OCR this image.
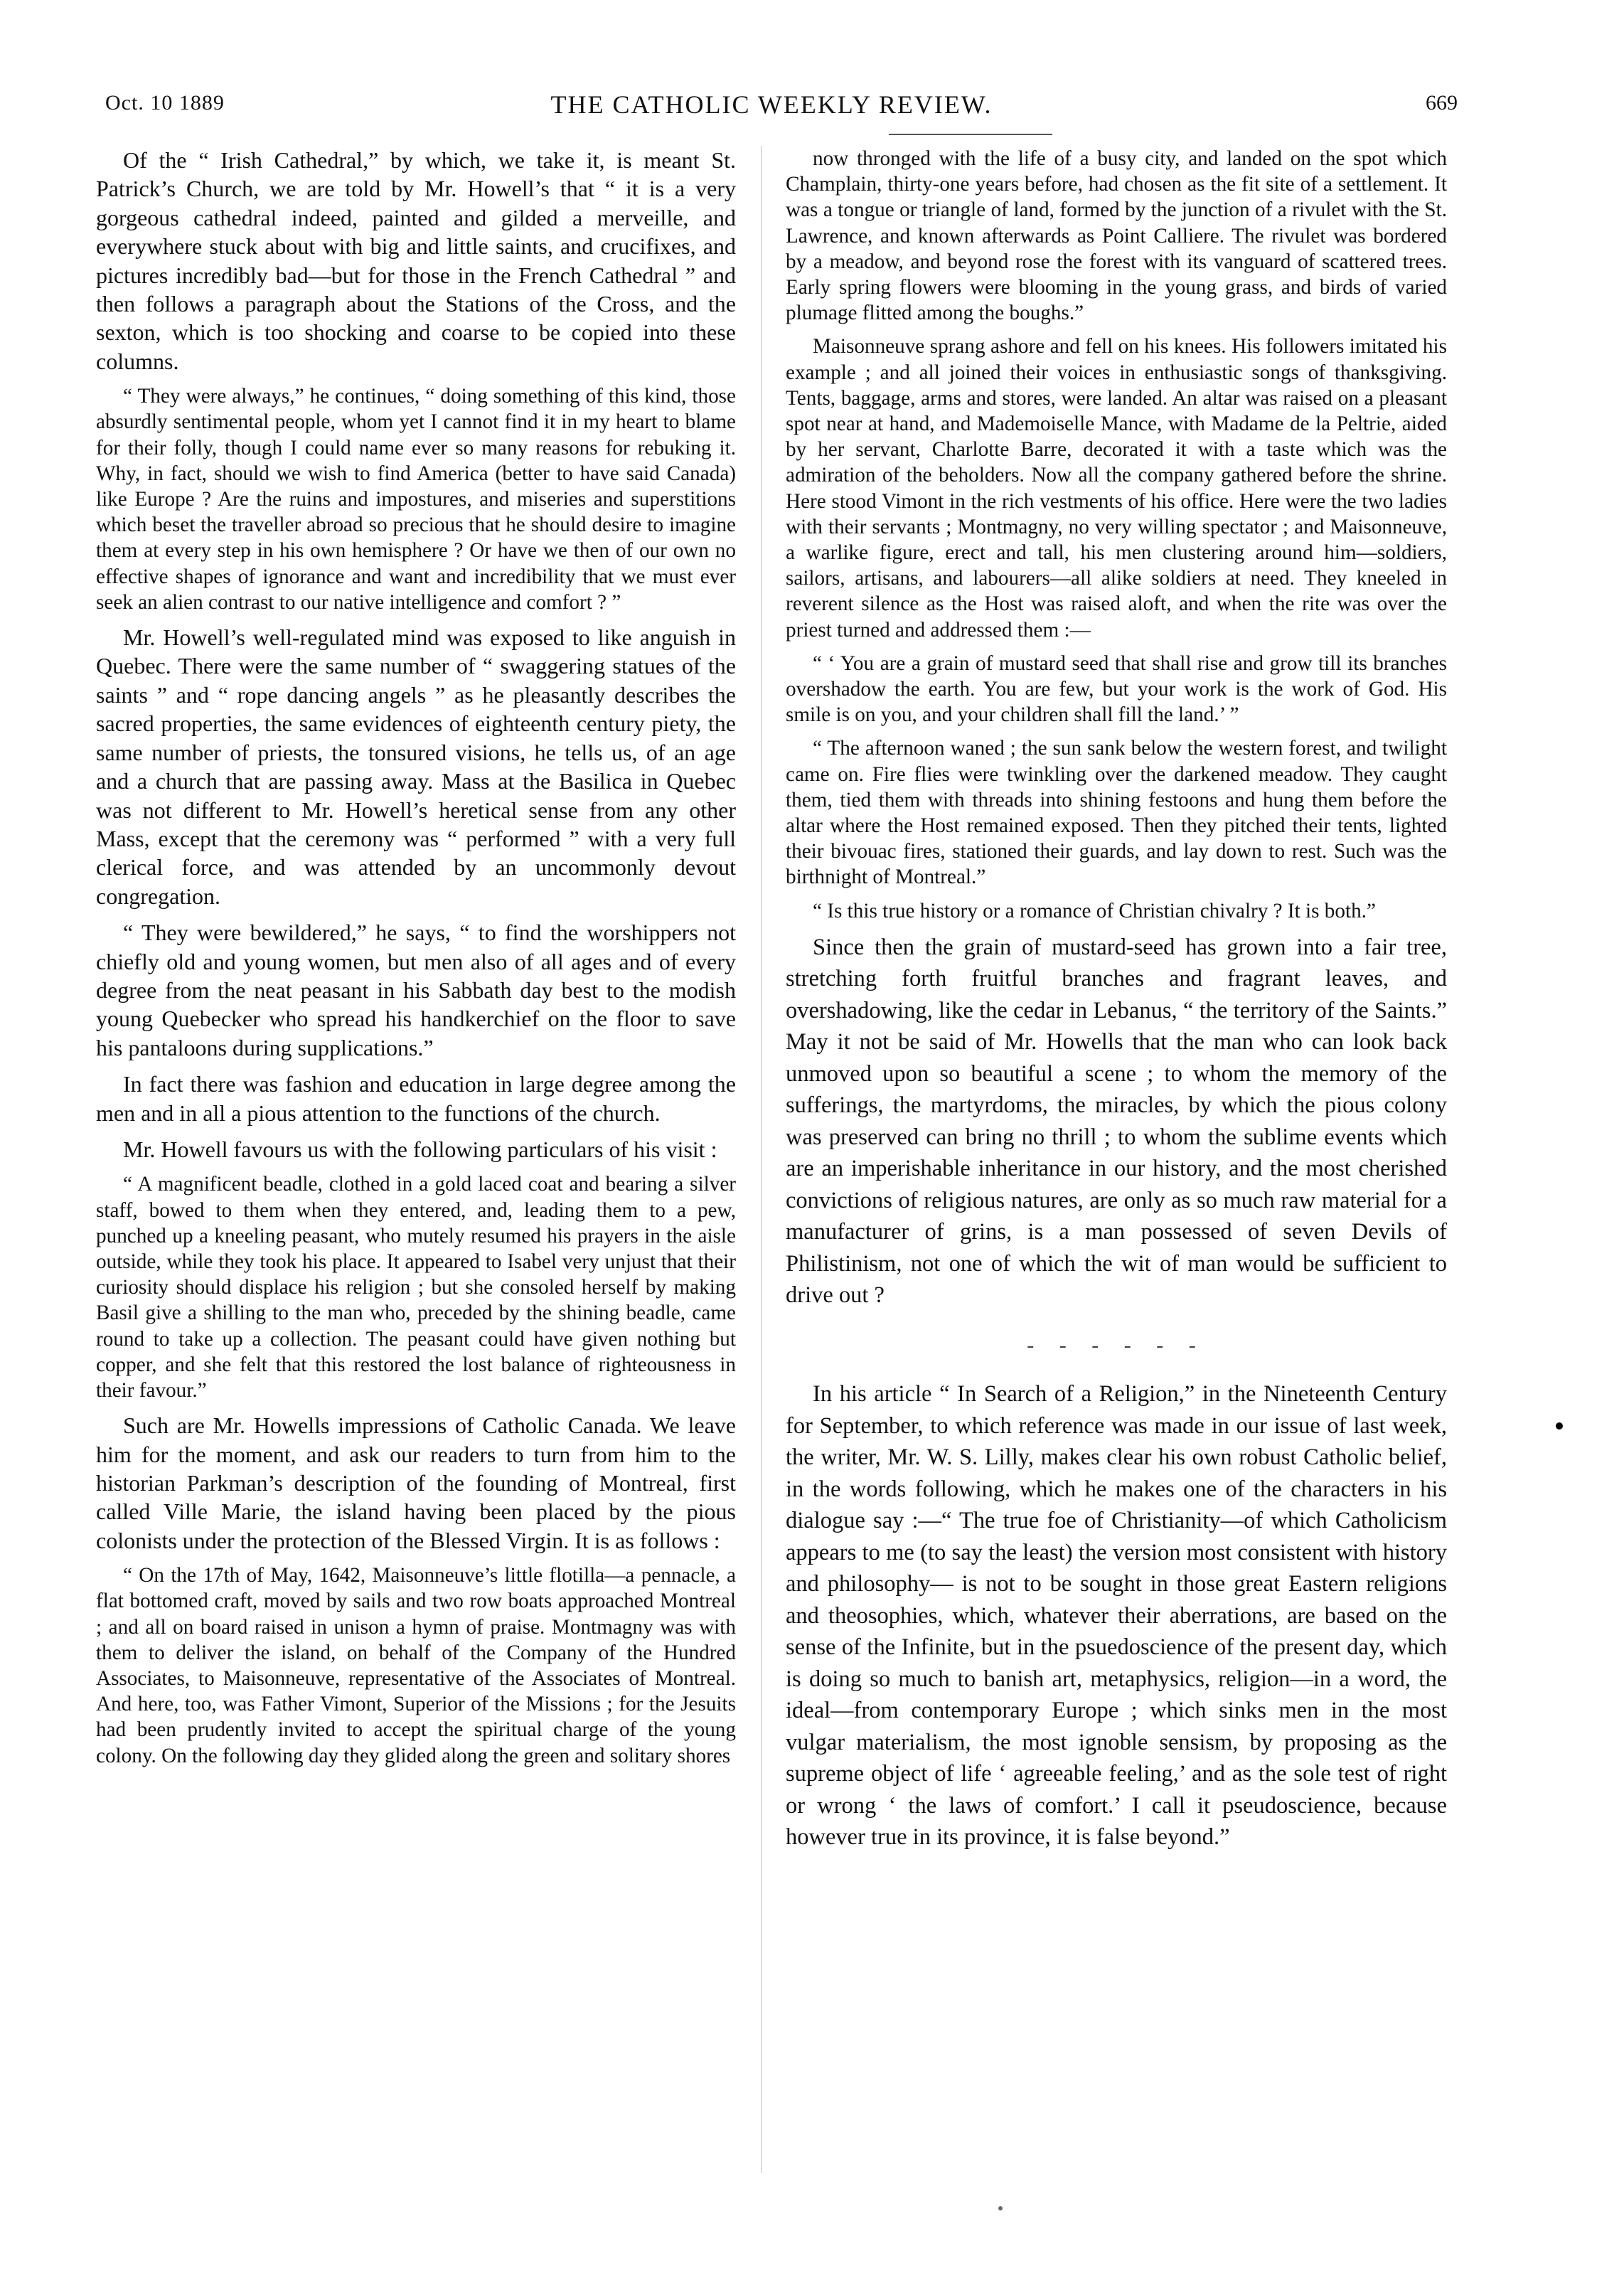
Oct. 10 1889	THE CATHOLIC WEEKLY REVIEW.	669

Of the “ Irish Cathedral,” by which, we take it, is meant St. Patrick’s Church, we are told by Mr. Howell’s that “ it is a very gorgeous cathedral indeed, painted and gilded a merveille, and everywhere stuck about with big and little saints, and crucifixes, and pictures incredibly bad—but for those in the French Cathedral ” and then follows a paragraph about the Stations of the Cross, and the sexton, which is too shocking and coarse to be copied into these columns.

“ They were always,” he continues, “ doing something of this kind, those absurdly sentimental people, whom yet I cannot find it in my heart to blame for their folly, though I could name ever so many reasons for rebuking it. Why, in fact, should we wish to find America (better to have said Canada) like Europe ? Are the ruins and impostures, and miseries and superstitions which beset the traveller abroad so precious that he should desire to imagine them at every step in his own hemisphere ? Or have we then of our own no effective shapes of ignorance and want and incredibility that we must ever seek an alien contrast to our native intelligence and comfort ? ”

Mr. Howell’s well-regulated mind was exposed to like anguish in Quebec. There were the same number of “ swaggering statues of the saints ” and “ rope dancing angels ” as he pleasantly describes the sacred properties, the same evidences of eighteenth century piety, the same number of priests, the tonsured visions, he tells us, of an age and a church that are passing away. Mass at the Basilica in Quebec was not different to Mr. Howell’s heretical sense from any other Mass, except that the ceremony was “ performed ” with a very full clerical force, and was attended by an uncommonly devout congregation.

“ They were bewildered,” he says, “ to find the worshippers not chiefly old and young women, but men also of all ages and of every degree from the neat peasant in his Sabbath day best to the modish young Quebecker who spread his handkerchief on the floor to save his pantaloons during supplications.”

In fact there was fashion and education in large degree among the men and in all a pious attention to the functions of the church.

Mr. Howell favours us with the following particulars of his visit :

“ A magnificent beadle, clothed in a gold laced coat and bearing a silver staff, bowed to them when they entered, and, leading them to a pew, punched up a kneeling peasant, who mutely resumed his prayers in the aisle outside, while they took his place. It appeared to Isabel very unjust that their curiosity should displace his religion ; but she consoled herself by making Basil give a shilling to the man who, preceded by the shining beadle, came round to take up a collection. The peasant could have given nothing but copper, and she felt that this restored the lost balance of righteousness in their favour.”

Such are Mr. Howells impressions of Catholic Canada. We leave him for the moment, and ask our readers to turn from him to the historian Parkman’s description of the founding of Montreal, first called Ville Marie, the island having been placed by the pious colonists under the protection of the Blessed Virgin. It is as follows :

“ On the 17th of May, 1642, Maisonneuve’s little flotilla—a pennacle, a flat bottomed craft, moved by sails and two row boats approached Montreal ; and all on board raised in unison a hymn of praise. Montmagny was with them to deliver the island, on behalf of the Company of the Hundred Associates, to Maisonneuve, representative of the Associates of Montreal. And here, too, was Father Vimont, Superior of the Missions ; for the Jesuits had been prudently invited to accept the spiritual charge of the young colony. On the following day they glided along the green and solitary shores

now thronged with the life of a busy city, and landed on the spot which Champlain, thirty-one years before, had chosen as the fit site of a settlement. It was a tongue or triangle of land, formed by the junction of a rivulet with the St. Lawrence, and known afterwards as Point Calliere. The rivulet was bordered by a meadow, and beyond rose the forest with its vanguard of scattered trees. Early spring flowers were blooming in the young grass, and birds of varied plumage flitted among the boughs.”

Maisonneuve sprang ashore and fell on his knees. His followers imitated his example ; and all joined their voices in enthusiastic songs of thanksgiving. Tents, baggage, arms and stores, were landed. An altar was raised on a pleasant spot near at hand, and Mademoiselle Mance, with Madame de la Peltrie, aided by her servant, Charlotte Barre, decorated it with a taste which was the admiration of the beholders. Now all the company gathered before the shrine. Here stood Vimont in the rich vestments of his office. Here were the two ladies with their servants ; Montmagny, no very willing spectator ; and Maisonneuve, a warlike figure, erect and tall, his men clustering around him—soldiers, sailors, artisans, and labourers—all alike soldiers at need. They kneeled in reverent silence as the Host was raised aloft, and when the rite was over the priest turned and addressed them :—

“ ‘ You are a grain of mustard seed that shall rise and grow till its branches overshadow the earth. You are few, but your work is the work of God. His smile is on you, and your children shall fill the land.’ ”

“ The afternoon waned ; the sun sank below the western forest, and twilight came on. Fire flies were twinkling over the darkened meadow. They caught them, tied them with threads into shining festoons and hung them before the altar where the Host remained exposed. Then they pitched their tents, lighted their bivouac fires, stationed their guards, and lay down to rest. Such was the birthnight of Montreal.”

“ Is this true history or a romance of Christian chivalry ? It is both.”

Since then the grain of mustard-seed has grown into a fair tree, stretching forth fruitful branches and fragrant leaves, and overshadowing, like the cedar in Lebanus, “ the territory of the Saints.” May it not be said of Mr. Howells that the man who can look back unmoved upon so beautiful a scene ; to whom the memory of the sufferings, the martyrdoms, the miracles, by which the pious colony was preserved can bring no thrill ; to whom the sublime events which are an imperishable inheritance in our history, and the most cherished convictions of religious natures, are only as so much raw material for a manufacturer of grins, is a man possessed of seven Devils of Philistinism, not one of which the wit of man would be sufficient to drive out ?

- - - - - -

In his article “ In Search of a Religion,” in the Nineteenth Century for September, to which reference was made in our issue of last week, the writer, Mr. W. S. Lilly, makes clear his own robust Catholic belief, in the words following, which he makes one of the characters in his dialogue say :—“ The true foe of Christianity—of which Catholicism appears to me (to say the least) the version most consistent with history and philosophy— is not to be sought in those great Eastern religions and theosophies, which, whatever their aberrations, are based on the sense of the Infinite, but in the psuedoscience of the present day, which is doing so much to banish art, metaphysics, religion—in a word, the ideal—from contemporary Europe ; which sinks men in the most vulgar materialism, the most ignoble sensism, by proposing as the supreme object of life ‘ agreeable feeling,’ and as the sole test of right or wrong ‘ the laws of comfort.’ I call it pseudoscience, because however true in its province, it is false beyond.”
